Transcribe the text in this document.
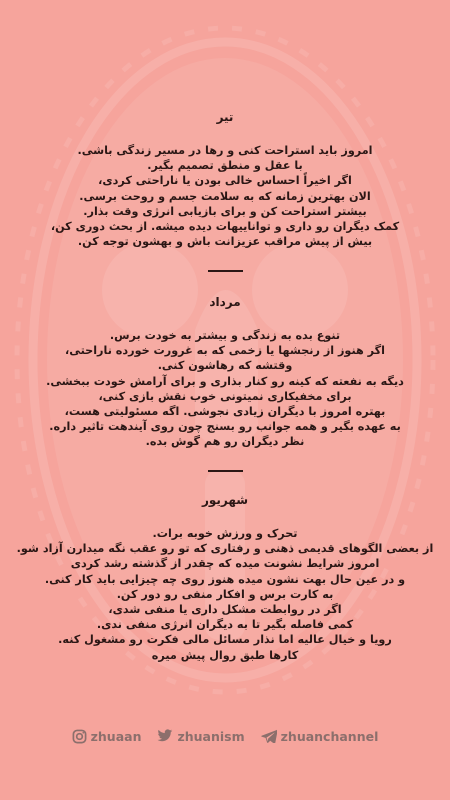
تیر
امروز باید استراحت کنی و رها در مسیر زندگی باشی.
با عقل و منطق تصمیم بگیر.
اگر اخیراً احساس خالی بودن یا ناراحتی کردی،
الان بهترین زمانه که به سلامت جسم و روحت برسی.
بیشتر استراحت کن و برای بازیابی انرژی وقت بذار.
کمک دیگران رو داری و تواناییهات دیده میشه. از بحث دوری کن،
بیش از پیش مراقب عزیزانت باش و بهشون توجه کن.
مرداد
تنوع بده به زندگی و بیشتر به خودت برس.
اگر هنوز از رنجشها یا زخمی که به غرورت خورده ناراحتی،
وقتشه که رهاشون کنی.
دیگه به نفعته که کینه رو کنار بذاری و برای آرامش خودت ببخشی.
برای مخفیکاری نمیتونی خوب نقش بازی کنی،
بهتره امروز با دیگران زیادی نجوشی. اگه مسئولیتی هست،
به عهده بگیر و همه جوانب رو بسنج چون روی آیندهت تاثیر داره.
نظر دیگران رو هم گوش بده.
شهریور
تحرک و ورزش خوبه برات.
از بعضی الگوهای قدیمی ذهنی و رفتاری که تو رو عقب نگه میدارن آزاد شو.
امروز شرایط نشونت میده که چقدر از گذشته رشد کردی
و در عین حال بهت نشون میده هنوز روی چه چیزایی باید کار کنی.
به کارت برس و افکار منفی رو دور کن.
اگر در روابطت مشکل داری یا منفی شدی،
کمی فاصله بگیر تا به دیگران انرژی منفی ندی.
رویا و خیال عالیه اما نذار مسائل مالی فکرت رو مشغول کنه.
کارها طبق روال پیش میره
zhuaan	zhuanism	zhuanchannel
